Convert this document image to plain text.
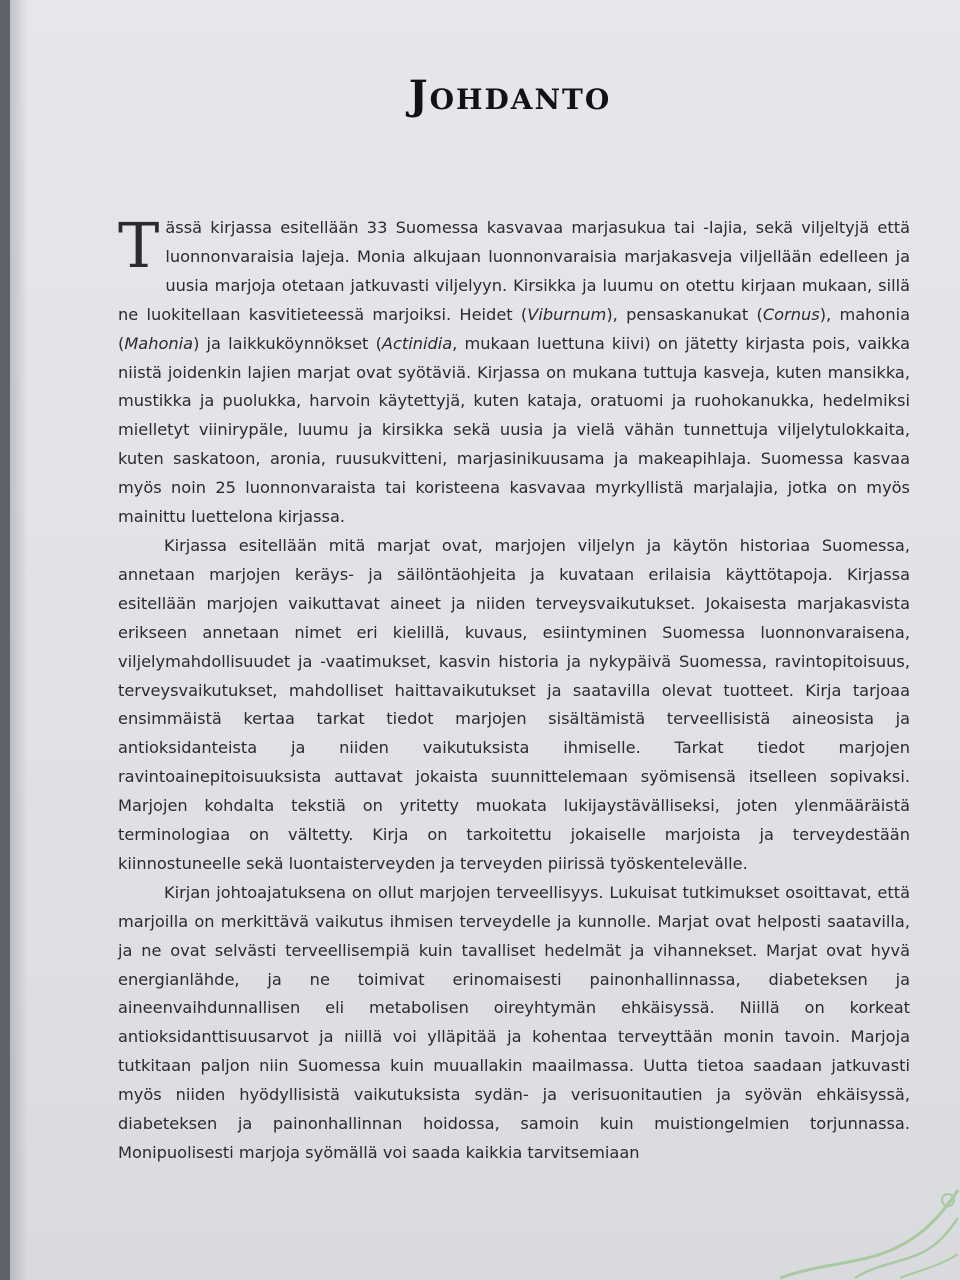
Johdanto

Tässä kirjassa esitellään 33 Suomessa kasvavaa marjasukua tai -lajia, sekä viljeltyjä että luonnonvaraisia lajeja. Monia alkujaan luonnonvaraisia marjakasveja viljellään edelleen ja uusia marjoja otetaan jatkuvasti viljelyyn. Kirsikka ja luumu on otettu kirjaan mukaan, sillä ne luokitellaan kasvitieteessä marjoiksi. Heidet (Viburnum), pensaskanukat (Cornus), mahonia (Mahonia) ja laikkuköynnökset (Actinidia, mukaan luettuna kiivi) on jätetty kirjasta pois, vaikka niistä joidenkin lajien marjat ovat syötäviä. Kirjassa on mukana tuttuja kasveja, kuten mansikka, mustikka ja puolukka, harvoin käytettyjä, kuten kataja, oratuomi ja ruohokanukka, hedelmiksi mielletyt viinirypäle, luumu ja kirsikka sekä uusia ja vielä vähän tunnettuja viljelytulokkaita, kuten saskatoon, aronia, ruusukvitteni, marjasinikuusama ja makeapihlaja. Suomessa kasvaa myös noin 25 luonnonvaraista tai koristeena kasvavaa myrkyllistä marjalajia, jotka on myös mainittu luettelona kirjassa.

Kirjassa esitellään mitä marjat ovat, marjojen viljelyn ja käytön historiaa Suomessa, annetaan marjojen keräys- ja säilöntäohjeita ja kuvataan erilaisia käyttötapoja. Kirjassa esitellään marjojen vaikuttavat aineet ja niiden terveysvaikutukset. Jokaisesta marjakasvista erikseen annetaan nimet eri kielillä, kuvaus, esiintyminen Suomessa luonnonvaraisena, viljelymahdollisuudet ja -vaatimukset, kasvin historia ja nykypäivä Suomessa, ravintopitoisuus, terveysvaikutukset, mahdolliset haittavaikutukset ja saatavilla olevat tuotteet. Kirja tarjoaa ensimmäistä kertaa tarkat tiedot marjojen sisältämistä terveellisistä aineosista ja antioksidanteista ja niiden vaikutuksista ihmiselle. Tarkat tiedot marjojen ravintoainepitoisuuksista auttavat jokaista suunnittelemaan syömisensä itselleen sopivaksi. Marjojen kohdalta tekstiä on yritetty muokata lukijaystävälliseksi, joten ylenmääräistä terminologiaa on vältetty. Kirja on tarkoitettu jokaiselle marjoista ja terveydestään kiinnostuneelle sekä luontaisterveyden ja terveyden piirissä työskentelevälle.

Kirjan johtoajatuksena on ollut marjojen terveellisyys. Lukuisat tutkimukset osoittavat, että marjoilla on merkittävä vaikutus ihmisen terveydelle ja kunnolle. Marjat ovat helposti saatavilla, ja ne ovat selvästi terveellisempiä kuin tavalliset hedelmät ja vihannekset. Marjat ovat hyvä energianlähde, ja ne toimivat erinomaisesti painonhallinnassa, diabeteksen ja aineenvaihdunnallisen eli metabolisen oireyhtymän ehkäisyssä. Niillä on korkeat antioksidanttisuusarvot ja niillä voi ylläpitää ja kohentaa terveyttään monin tavoin. Marjoja tutkitaan paljon niin Suomessa kuin muuallakin maailmassa. Uutta tietoa saadaan jatkuvasti myös niiden hyödyllisistä vaikutuksista sydän- ja verisuonitautien ja syövän ehkäisyssä, diabeteksen ja painonhallinnan hoidossa, samoin kuin muistiongelmien torjunnassa. Monipuolisesti marjoja syömällä voi saada kaikkia tarvitsemiaan
